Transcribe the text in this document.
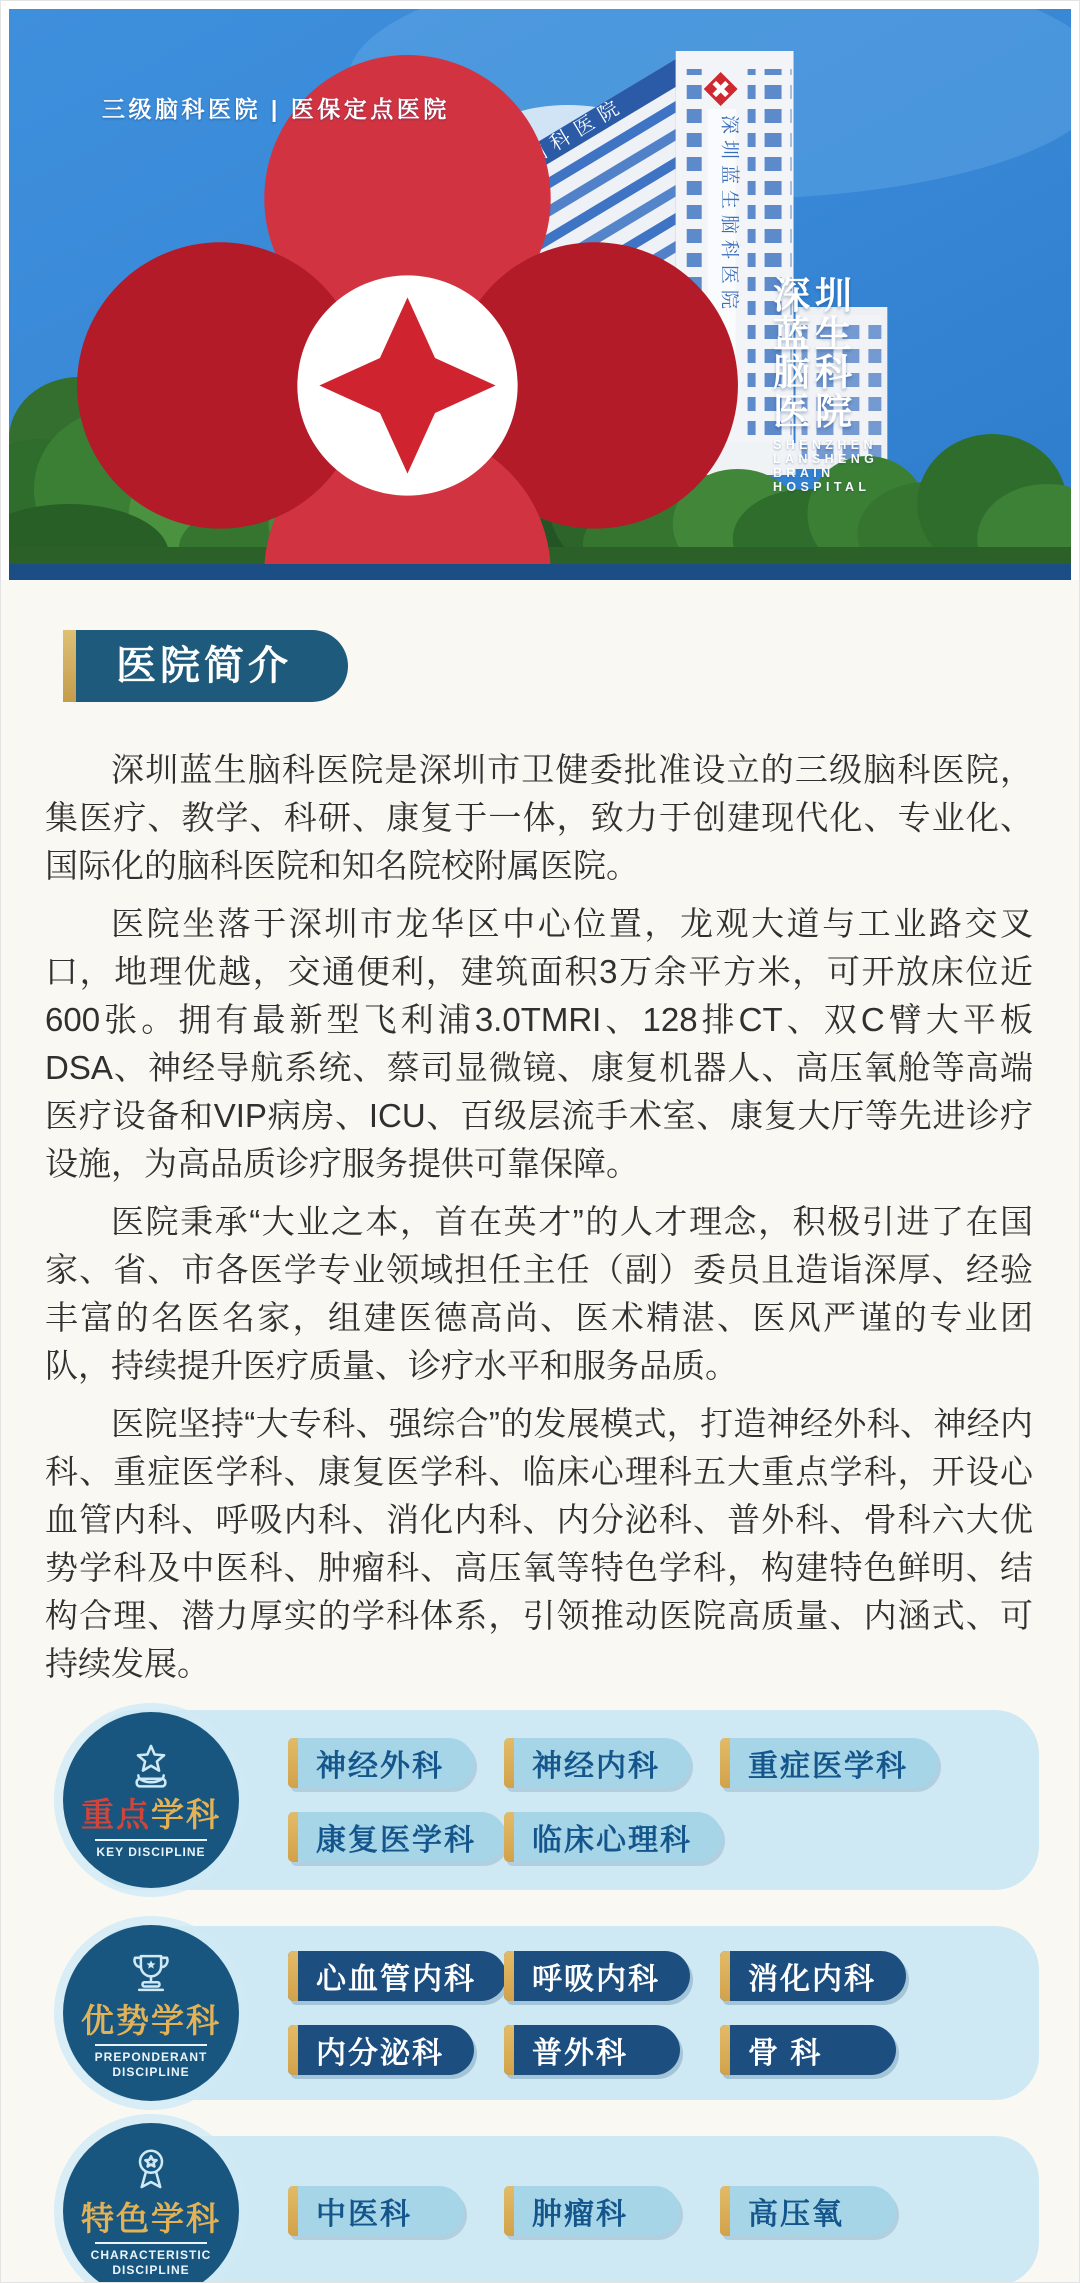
深圳蓝生脑科医院 深圳蓝生脑科医院
SHENZHEN LANSHENG BRAIN HOSPITAL
三级脑科医院 | 医保定点医院
医院简介

深圳蓝生脑科医院是深圳市卫健委批准设立的三级脑科医院，集医疗、教学、科研、康复于一体，致力于创建现代化、专业化、国际化的脑科医院和知名院校附属医院。

医院坐落于深圳市龙华区中心位置，龙观大道与工业路交叉口，地理优越，交通便利，建筑面积3万余平方米，可开放床位近600张。拥有最新型飞利浦3.0TMRI、128排CT、双C臂大平板DSA、神经导航系统、蔡司显微镜、康复机器人、高压氧舱等高端医疗设备和VIP病房、ICU、百级层流手术室、康复大厅等先进诊疗设施，为高品质诊疗服务提供可靠保障。

医院秉承“大业之本，首在英才”的人才理念，积极引进了在国家、省、市各医学专业领域担任主任（副）委员且造诣深厚、经验丰富的名医名家，组建医德高尚、医术精湛、医风严谨的专业团队，持续提升医疗质量、诊疗水平和服务品质。

医院坚持“大专科、强综合”的发展模式，打造神经外科、神经内科、重症医学科、康复医学科、临床心理科五大重点学科，开设心血管内科、呼吸内科、消化内科、内分泌科、普外科、骨科六大优势学科及中医科、肿瘤科、高压氧等特色学科，构建特色鲜明、结构合理、潜力厚实的学科体系，引领推动医院高质量、内涵式、可持续发展。

重点学科
KEY DISCIPLINE
神经外科	神经内科	重症医学科
康复医学科	临床心理科
优势学科
PREPONDERANT DISCIPLINE
心血管内科	呼吸内科	消化内科
内分泌科	普外科	骨 科
特色学科
CHARACTERISTIC DISCIPLINE
中医科	肿瘤科	高压氧
